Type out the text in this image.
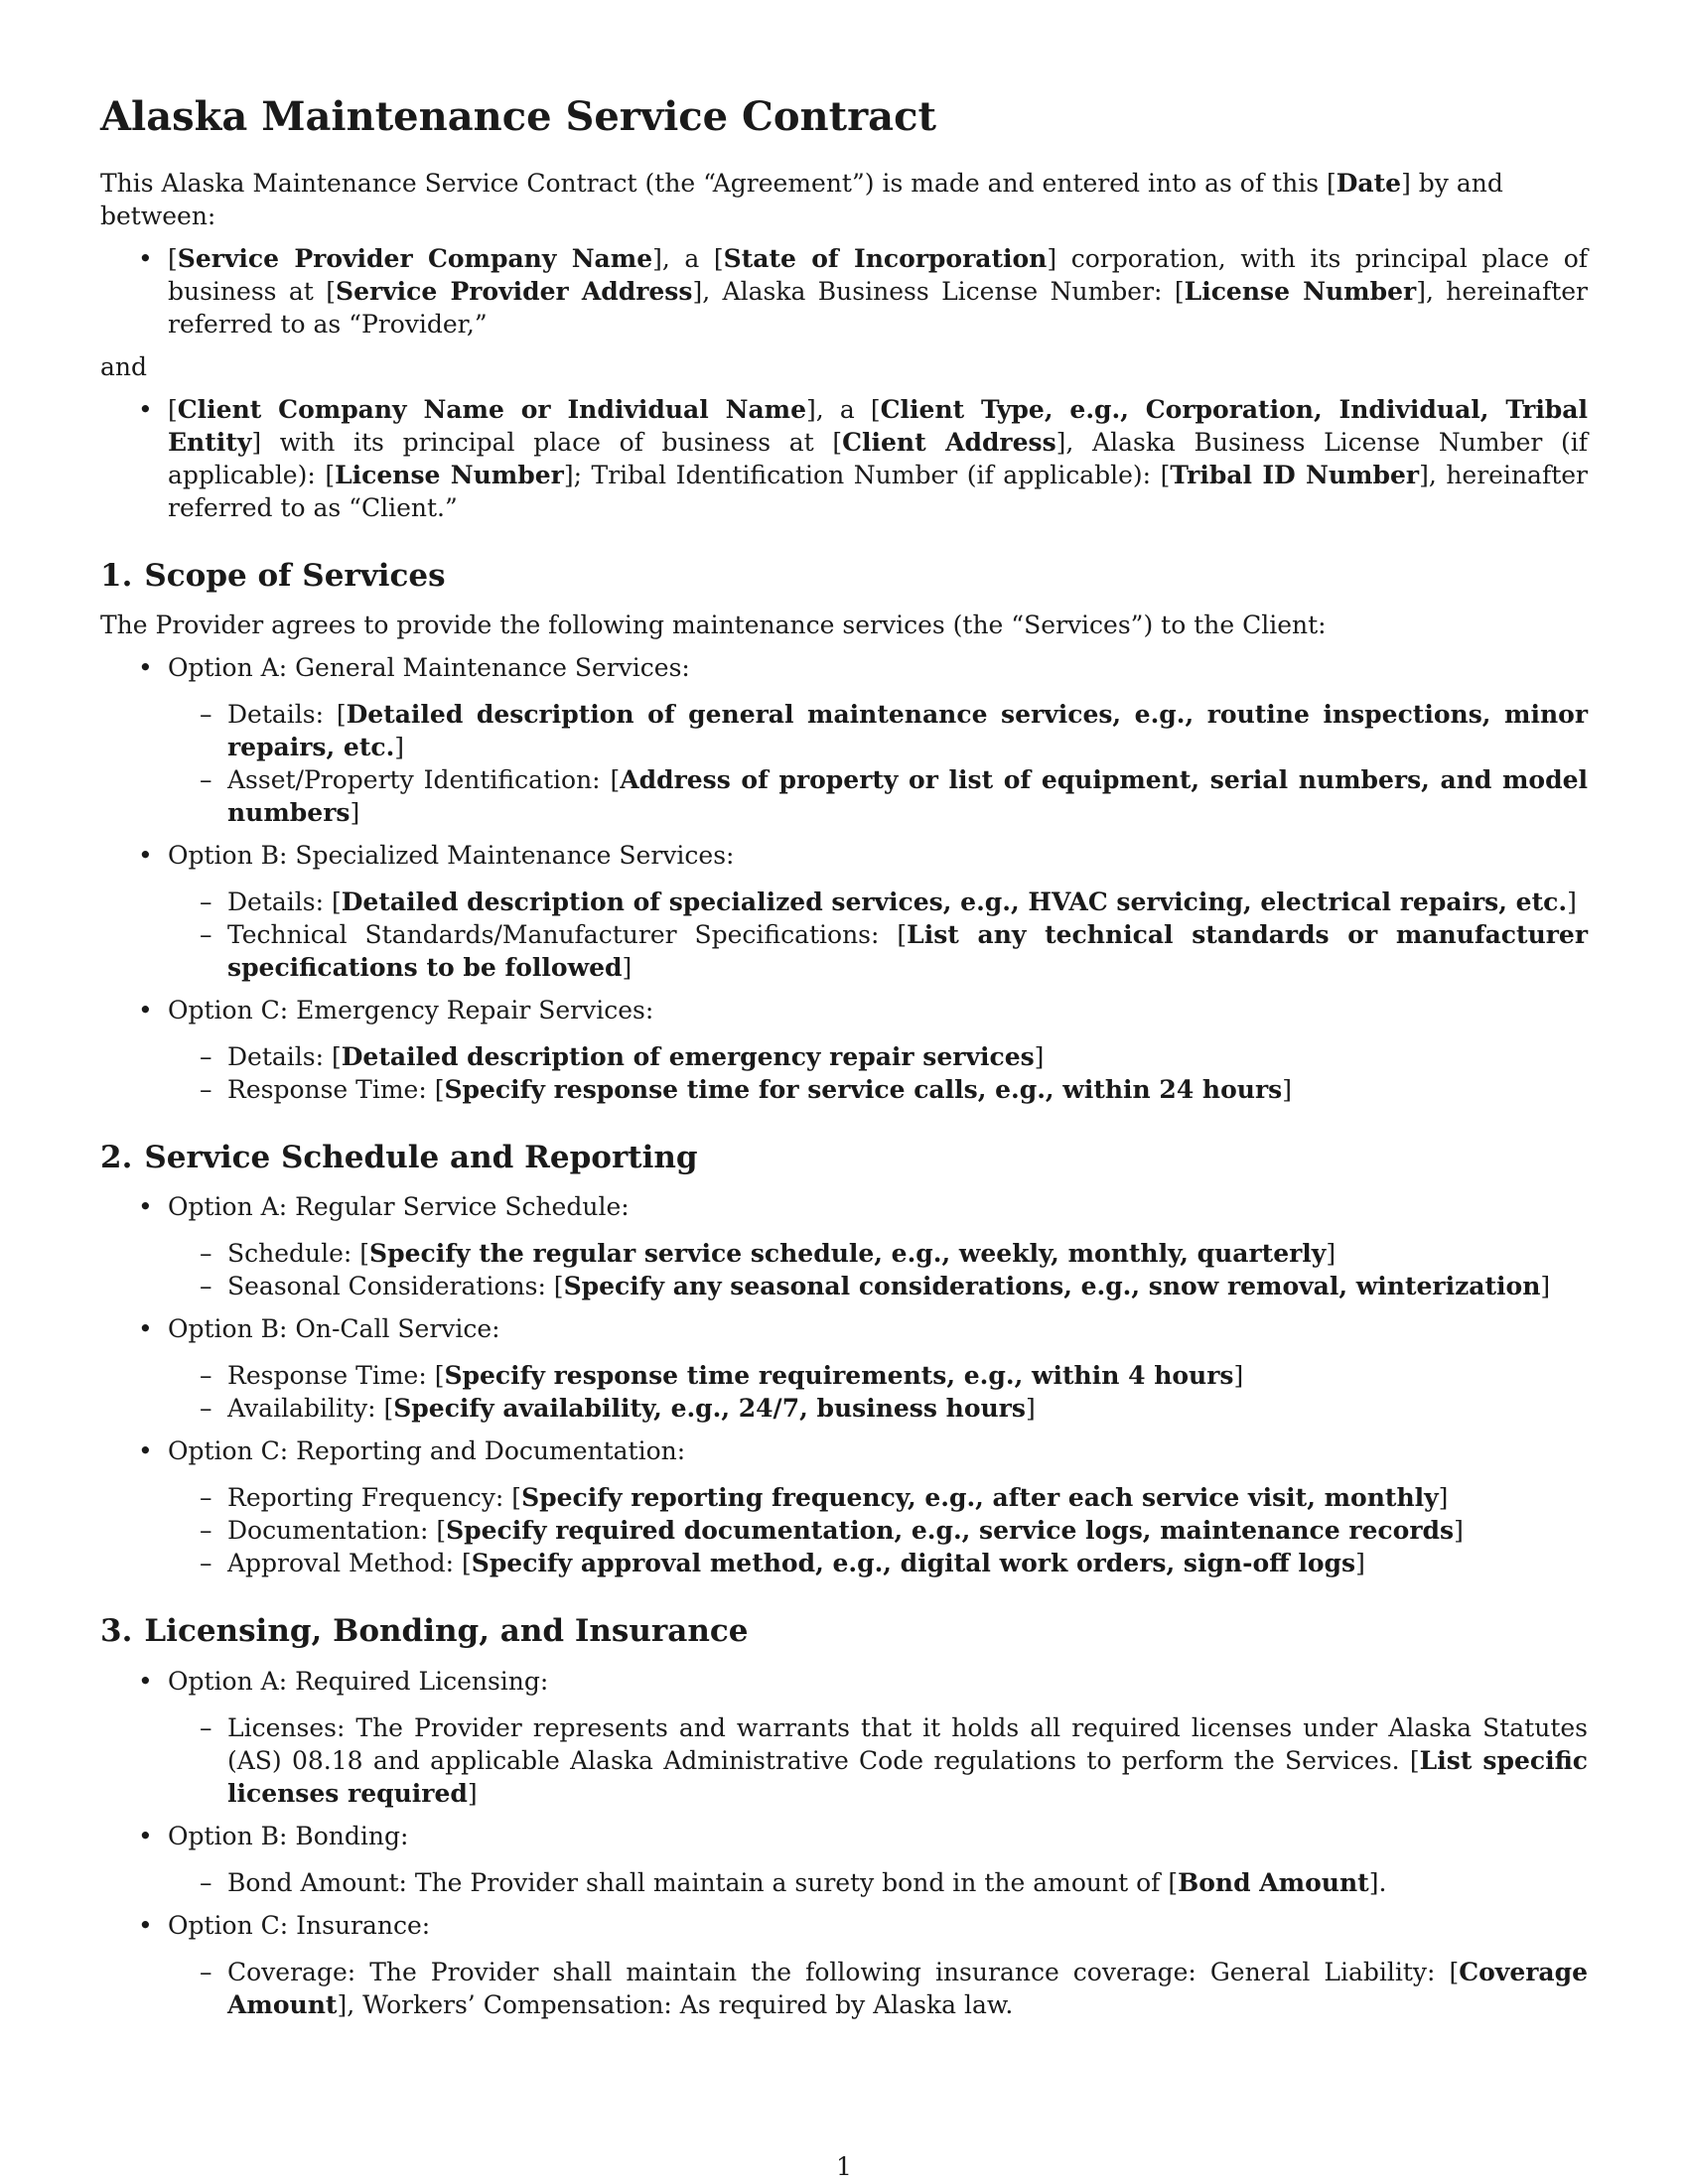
Alaska Maintenance Service Contract

This Alaska Maintenance Service Contract (the “Agreement”) is made and entered into as of this [Date] by and between:

• [Service Provider Company Name], a [State of Incorporation] corporation, with its principal place of business at [Service Provider Address], Alaska Business License Number: [License Number], hereinafter referred to as “Provider,”

and

• [Client Company Name or Individual Name], a [Client Type, e.g., Corporation, Individual, Tribal Entity] with its principal place of business at [Client Address], Alaska Business License Number (if applicable): [License Number]; Tribal Identification Number (if applicable): [Tribal ID Number], hereinafter referred to as “Client.”
1. Scope of Services

The Provider agrees to provide the following maintenance services (the “Services”) to the Client:

• Option A: General Maintenance Services:
– Details: [Detailed description of general maintenance services, e.g., routine inspections, minor repairs, etc.]
– Asset/Property Identification: [Address of property or list of equipment, serial numbers, and model numbers]
• Option B: Specialized Maintenance Services:
– Details: [Detailed description of specialized services, e.g., HVAC servicing, electrical repairs, etc.]
– Technical Standards/Manufacturer Specifications: [List any technical standards or manufacturer specifications to be followed]
• Option C: Emergency Repair Services:
– Details: [Detailed description of emergency repair services]
– Response Time: [Specify response time for service calls, e.g., within 24 hours]
2. Service Schedule and Reporting
• Option A: Regular Service Schedule:
– Schedule: [Specify the regular service schedule, e.g., weekly, monthly, quarterly]
– Seasonal Considerations: [Specify any seasonal considerations, e.g., snow removal, winterization]
• Option B: On-Call Service:
– Response Time: [Specify response time requirements, e.g., within 4 hours]
– Availability: [Specify availability, e.g., 24/7, business hours]
• Option C: Reporting and Documentation:
– Reporting Frequency: [Specify reporting frequency, e.g., after each service visit, monthly]
– Documentation: [Specify required documentation, e.g., service logs, maintenance records]
– Approval Method: [Specify approval method, e.g., digital work orders, sign-off logs]
3. Licensing, Bonding, and Insurance
• Option A: Required Licensing:
– Licenses: The Provider represents and warrants that it holds all required licenses under Alaska Statutes (AS) 08.18 and applicable Alaska Administrative Code regulations to perform the Services. [List specific licenses required]
• Option B: Bonding:
– Bond Amount: The Provider shall maintain a surety bond in the amount of [Bond Amount].
• Option C: Insurance:
– Coverage: The Provider shall maintain the following insurance coverage: General Liability: [Coverage Amount], Workers’ Compensation: As required by Alaska law.
1
